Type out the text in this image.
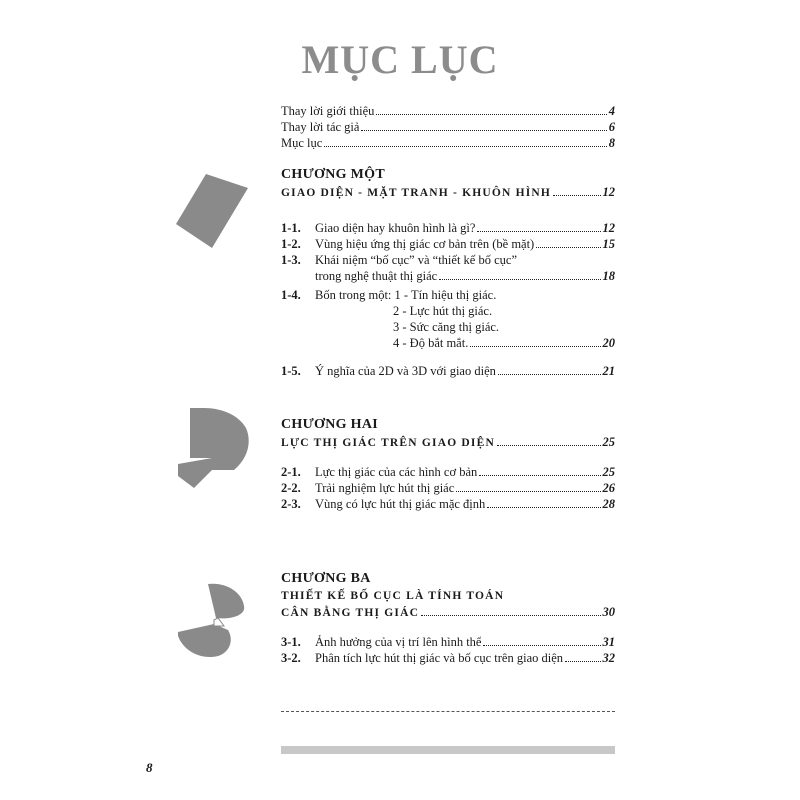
MỤC LỤC
Thay lời giới thiệu	4
Thay lời tác giả	6
Mục lục	8
CHƯƠNG MỘT
GIAO DIỆN - MẶT TRANH - KHUÔN HÌNH	12
1-1.	Giao diện hay khuôn hình là gì?	12
1-2.	Vùng hiệu ứng thị giác cơ bản trên (bề mặt)	15
1-3.	Khái niệm “bố cục” và “thiết kế bố cục”
trong nghệ thuật thị giác	18
1-4.	Bốn trong một: 1 - Tín hiệu thị giác.
2 - Lực hút thị giác.
3 - Sức căng thị giác.
4 - Độ bắt mắt.	20
1-5.	Ý nghĩa của 2D và 3D với giao diện	21
CHƯƠNG HAI
LỰC THỊ GIÁC TRÊN GIAO DIỆN	25
2-1.	Lực thị giác của các hình cơ bản	25
2-2.	Trải nghiệm lực hút thị giác	26
2-3.	Vùng có lực hút thị giác mặc định	28
CHƯƠNG BA
THIẾT KẾ BỐ CỤC LÀ TÍNH TOÁN
CÂN BẰNG THỊ GIÁC	30
3-1.	Ảnh hưởng của vị trí lên hình thể	31
3-2.	Phân tích lực hút thị giác và bố cục trên giao diện	32
8
